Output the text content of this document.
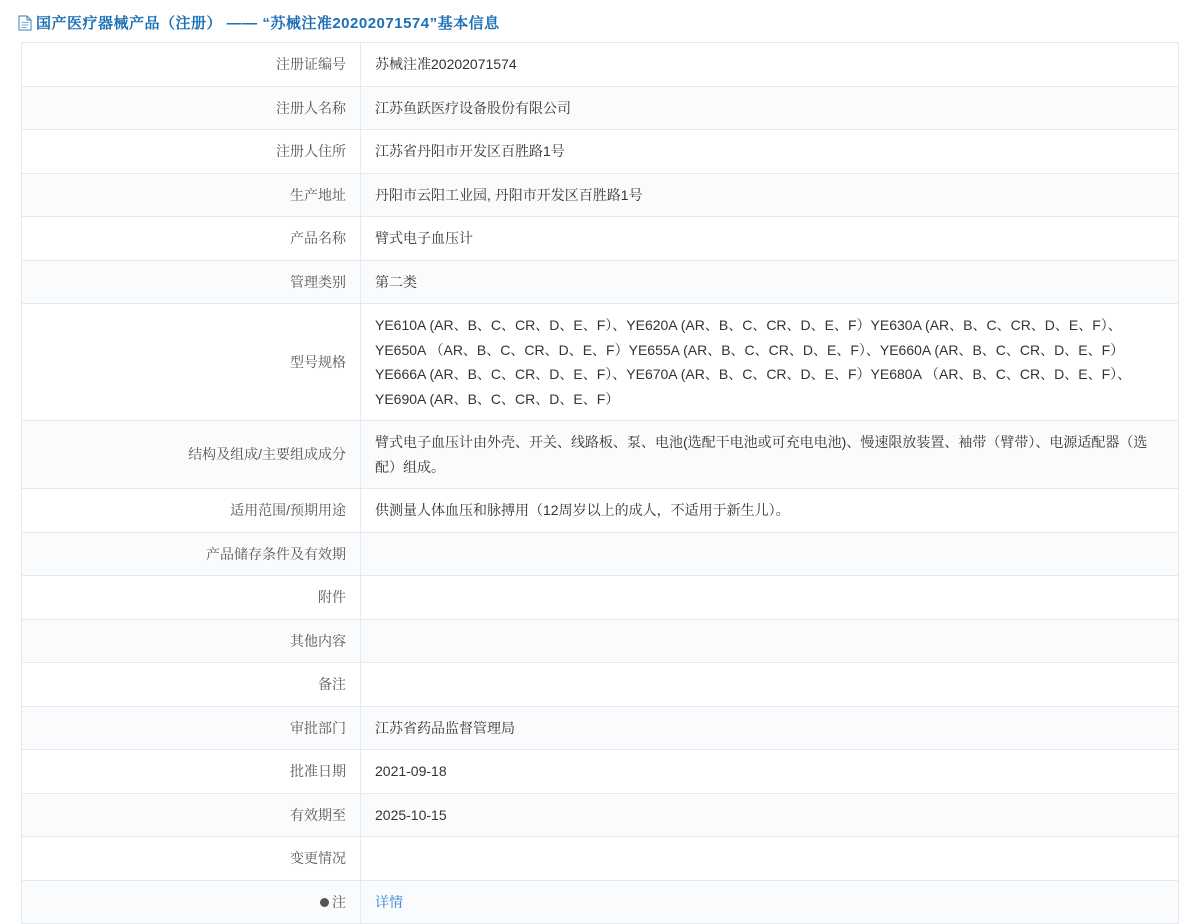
国产医疗器械产品（注册） —— “苏械注准20202071574”基本信息
注册证编号	苏械注准20202071574
注册人名称	江苏鱼跃医疗设备股份有限公司
注册人住所	江苏省丹阳市开发区百胜路1号
生产地址	丹阳市云阳工业园, 丹阳市开发区百胜路1号
产品名称	臂式电子血压计
管理类别	第二类
型号规格	YE610A (AR、B、C、CR、D、E、F）、YE620A (AR、B、C、CR、D、E、F）YE630A (AR、B、C、CR、D、E、F）、YE650A （AR、B、C、CR、D、E、F）YE655A (AR、B、C、CR、D、E、F）、YE660A (AR、B、C、CR、D、E、F）YE666A (AR、B、C、CR、D、E、F）、YE670A (AR、B、C、CR、D、E、F）YE680A （AR、B、C、CR、D、E、F）、YE690A (AR、B、C、CR、D、E、F）
结构及组成/主要组成成分	臂式电子血压计由外壳、开关、线路板、泵、电池(选配干电池或可充电电池)、慢速限放装置、袖带（臂带）、电源适配器（选配）组成。
适用范围/预期用途	供测量人体血压和脉搏用（12周岁以上的成人，不适用于新生儿）。
产品储存条件及有效期	
附件	
其他内容	
备注	
审批部门	江苏省药品监督管理局
批准日期	2021-09-18
有效期至	2025-10-15
变更情况	

注	详情
